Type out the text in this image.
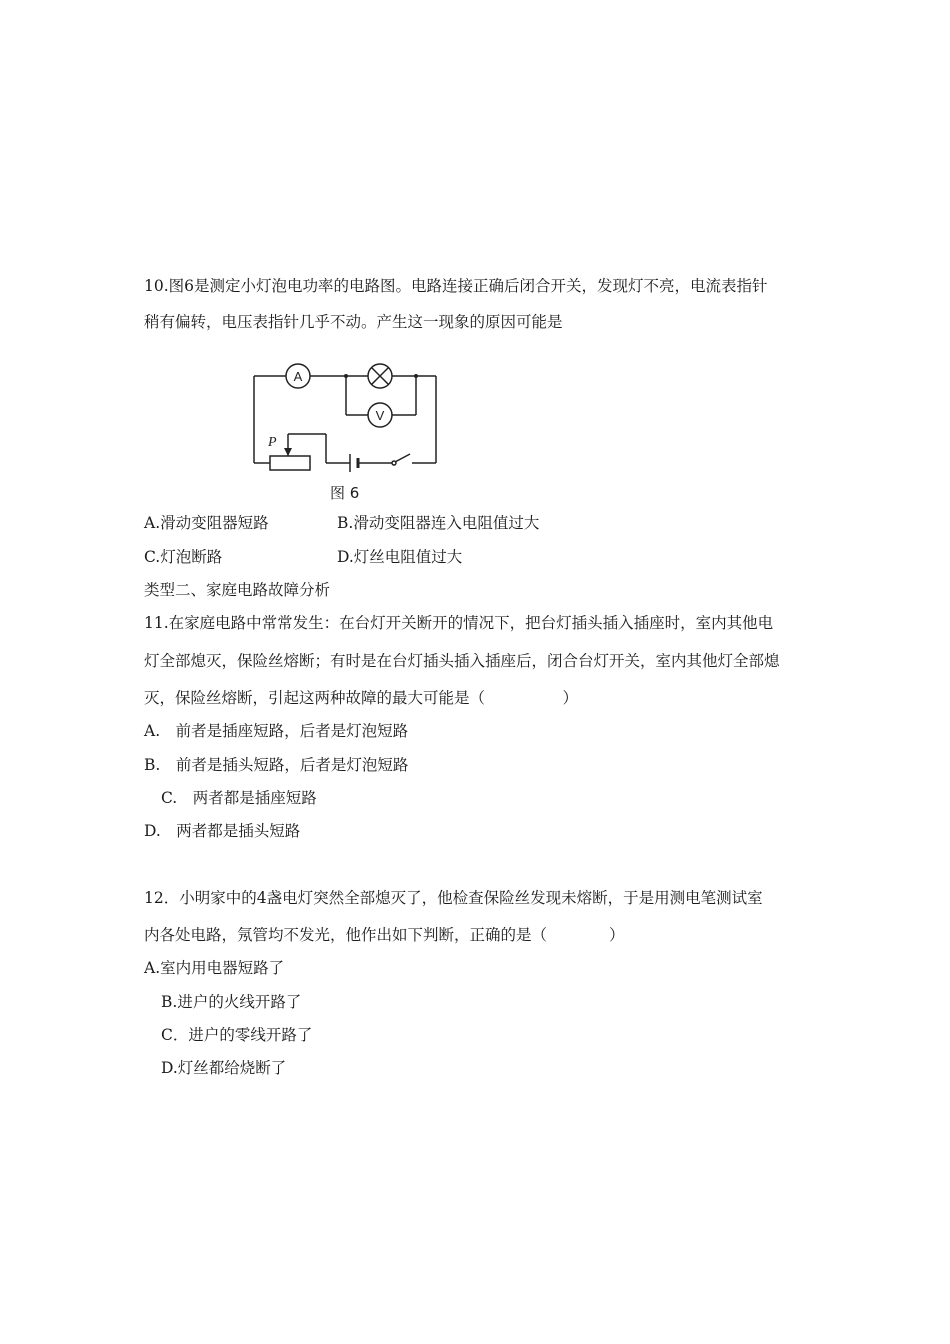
10.图6是测定小灯泡电功率的电路图。电路连接正确后闭合开关，发现灯不亮，电流表指针
稍有偏转，电压表指针几乎不动。产生这一现象的原因可能是
A
V
P
图 6
A.滑动变阻器短路	B.滑动变阻器连入电阻值过大
C.灯泡断路	D.灯丝电阻值过大
类型二、家庭电路故障分析
11.在家庭电路中常常发生：在台灯开关断开的情况下，把台灯插头插入插座时，室内其他电
灯全部熄灭，保险丝熔断；有时是在台灯插头插入插座后，闭合台灯开关，室内其他灯全部熄
灭，保险丝熔断，引起这两种故障的最大可能是（　　　　　）
A.　前者是插座短路，后者是灯泡短路
B.　前者是插头短路，后者是灯泡短路
C.　两者都是插座短路
D.　两者都是插头短路
12．小明家中的4盏电灯突然全部熄灭了，他检查保险丝发现未熔断，于是用测电笔测试室
内各处电路，氖管均不发光，他作出如下判断，正确的是（　　　　）
A.室内用电器短路了
B.进户的火线开路了
C．进户的零线开路了
D.灯丝都给烧断了
